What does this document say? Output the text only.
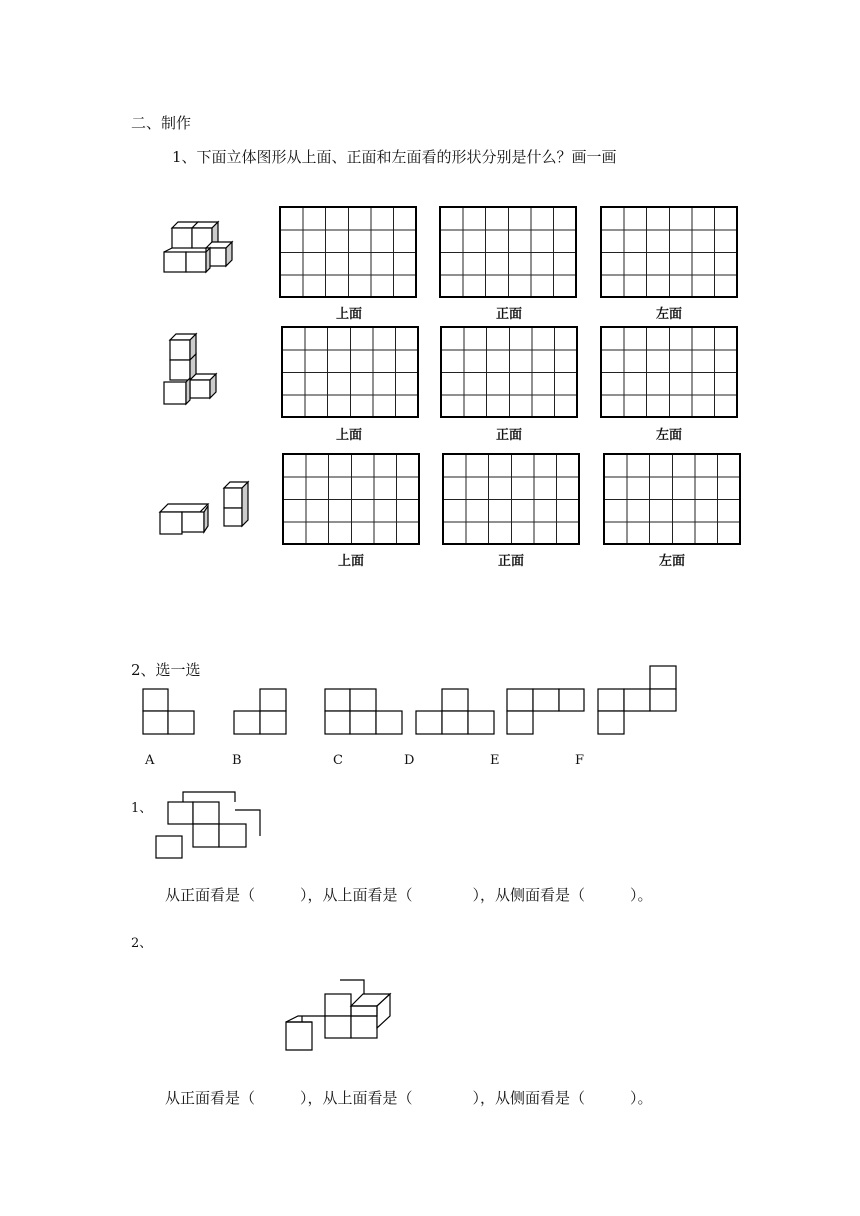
二、制作
1、下面立体图形从上面、正面和左面看的形状分别是什么？画一画
上面	正面	左面
上面	正面	左面
上面	正面	左面
2、选一选
A	B	C	D	E	F
1、
从正面看是（　　　），从上面看是（　　　　），从侧面看是（　　　）。
2、
从正面看是（　　　），从上面看是（　　　　），从侧面看是（　　　）。
